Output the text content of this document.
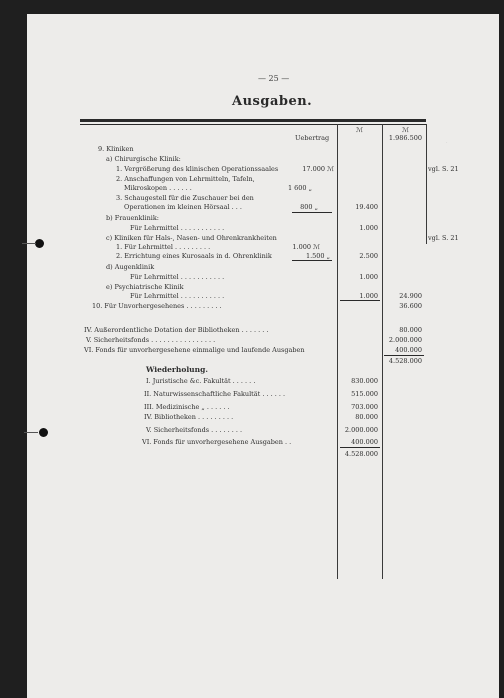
·
— 25 —
Ausgaben.
ℳ	ℳ
Uebertrag	1.986.500
9. Kliniken
a) Chirurgische Klinik:
1. Vergrößerung des klinischen Operationssaales	17.000 ℳ	vgl. S. 21
2. Anschaffungen von Lehrmitteln, Tafeln,
Mikroskopen . . . . . .	1 600 „
3. Schaugestell für die Zuschauer bei den
Operationen im kleinen Hörsaal . . .	800 „	19.400
b) Frauenklinik:
Für Lehrmittel . . . . . . . . . . .	1.000
c) Kliniken für Hals-, Nasen- und Ohrenkrankheiten	vgl. S. 21
1. Für Lehrmittel . . . . . . . . .	1.000 ℳ
2. Errichtung eines Kurosaals in d. Ohrenklinik	1.500 „	2.500
d) Augenklinik
Für Lehrmittel . . . . . . . . . . .	1.000
e) Psychiatrische Klinik
Für Lehrmittel . . . . . . . . . . .	1.000	24.900
10. Für Unvorhergesehenes . . . . . . . . .	36.600
IV. Außerordentliche Dotation der Bibliotheken . . . . . . .	80.000
V. Sicherheitsfonds . . . . . . . . . . . . . . . .	2.000.000
VI. Fonds für unvorhergesehene einmalige und laufende Ausgaben	400.000
4.528.000
Wiederholung.
I. Juristische &c. Fakultät . . . . . .	830.000
II. Naturwissenschaftliche Fakultät . . . . . .	515.000
III. Medizinische „ . . . . . .	703.000
IV. Bibliotheken . . . . . . . . .	80.000
V. Sicherheitsfonds . . . . . . . .	2.000.000
VI. Fonds für unvorhergesehene Ausgaben . .	400.000
4.528.000
